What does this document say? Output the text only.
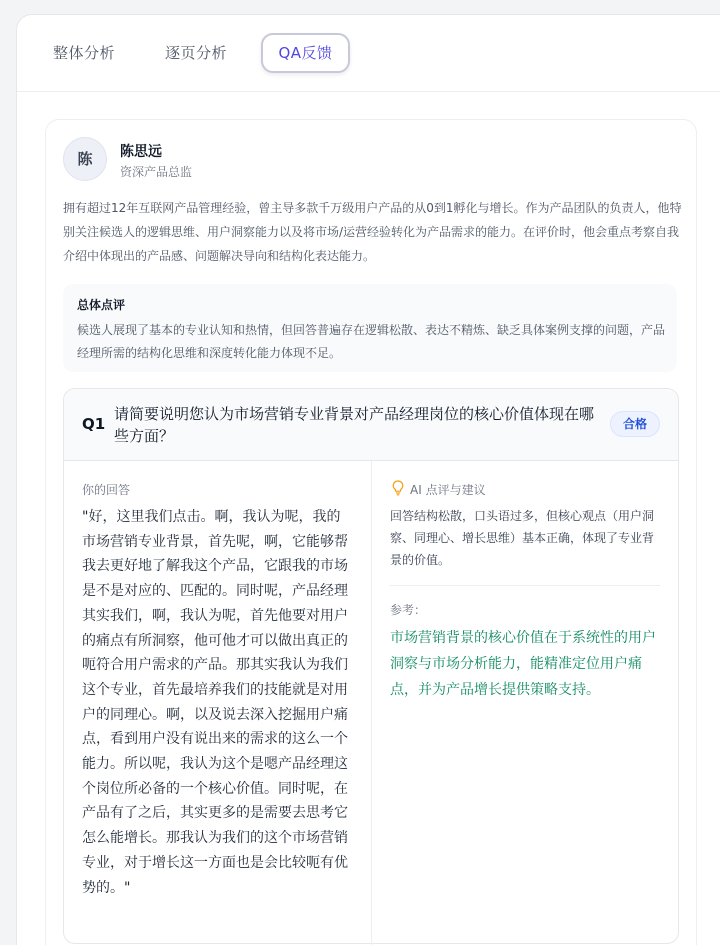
整体分析	逐页分析	QA反馈
陈	陈思远
资深产品总监
拥有超过12年互联网产品管理经验，曾主导多款千万级用户产品的从0到1孵化与增长。作为产品团队的负责人，他特别关注候选人的逻辑思维、用户洞察能力以及将市场/运营经验转化为产品需求的能力。在评价时，他会重点考察自我介绍中体现出的产品感、问题解决导向和结构化表达能力。
总体点评
候选人展现了基本的专业认知和热情，但回答普遍存在逻辑松散、表达不精炼、缺乏具体案例支撑的问题，产品经理所需的结构化思维和深度转化能力体现不足。
Q1
请简要说明您认为市场营销专业背景对产品经理岗位的核心价值体现在哪些方面？
合格
你的回答
"好，这里我们点击。啊，我认为呢，我的市场营销专业背景，首先呢，啊，它能够帮我去更好地了解我这个产品，它跟我的市场是不是对应的、匹配的。同时呢，产品经理其实我们，啊，我认为呢，首先他要对用户的痛点有所洞察，他可他才可以做出真正的呃符合用户需求的产品。那其实我认为我们这个专业，首先最培养我们的技能就是对用户的同理心。啊，以及说去深入挖掘用户痛点，看到用户没有说出来的需求的这么一个能力。所以呢，我认为这个是嗯产品经理这个岗位所必备的一个核心价值。同时呢，在产品有了之后，其实更多的是需要去思考它怎么能增长。那我认为我们的这个市场营销专业，对于增长这一方面也是会比较呃有优势的。"
AI 点评与建议
回答结构松散，口头语过多，但核心观点（用户洞察、同理心、增长思维）基本正确，体现了专业背景的价值。
参考：
市场营销背景的核心价值在于系统性的用户洞察与市场分析能力，能精准定位用户痛点，并为产品增长提供策略支持。
